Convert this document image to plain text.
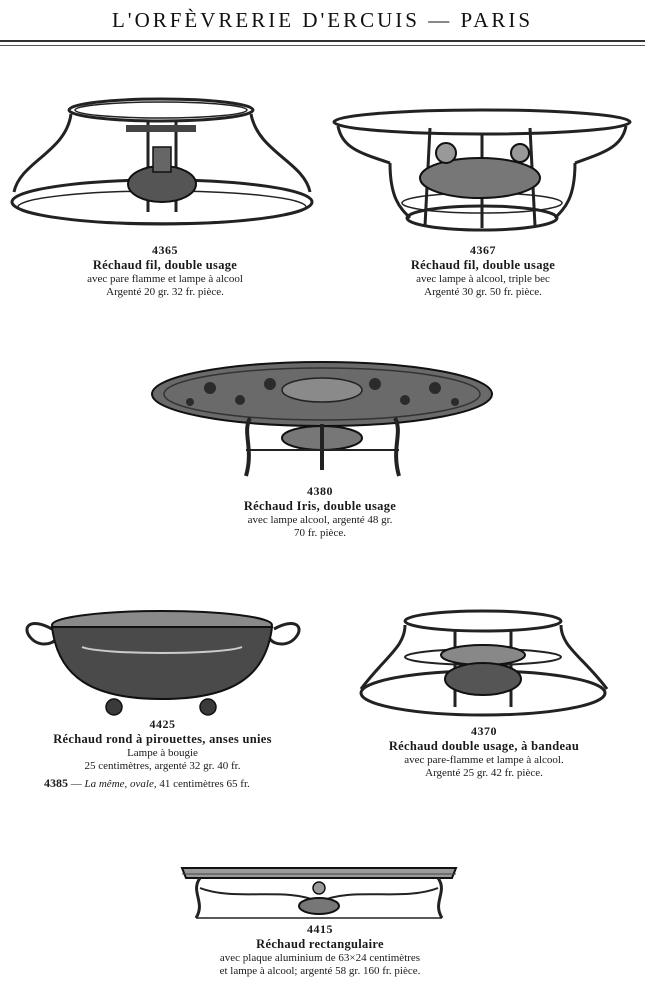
L'ORFÈVRERIE D'ERCUIS — PARIS
4365
Réchaud fil, double usage
avec pare flamme et lampe à alcool
Argenté 20 gr. 32 fr. pièce.
4367
Réchaud fil, double usage
avec lampe à alcool, triple bec
Argenté 30 gr. 50 fr. pièce.
4380
Réchaud Iris, double usage
avec lampe alcool, argenté 48 gr.
70 fr. pièce.
4425
Réchaud rond à pirouettes, anses unies
Lampe à bougie
25 centimètres, argenté 32 gr. 40 fr.
4385 — La même, ovale, 41 centimètres 65 fr.
4370
Réchaud double usage, à bandeau
avec pare-flamme et lampe à alcool.
Argenté 25 gr. 42 fr. pièce.
4415
Réchaud rectangulaire
avec plaque aluminium de 63×24 centimètres
et lampe à alcool; argenté 58 gr. 160 fr. pièce.
